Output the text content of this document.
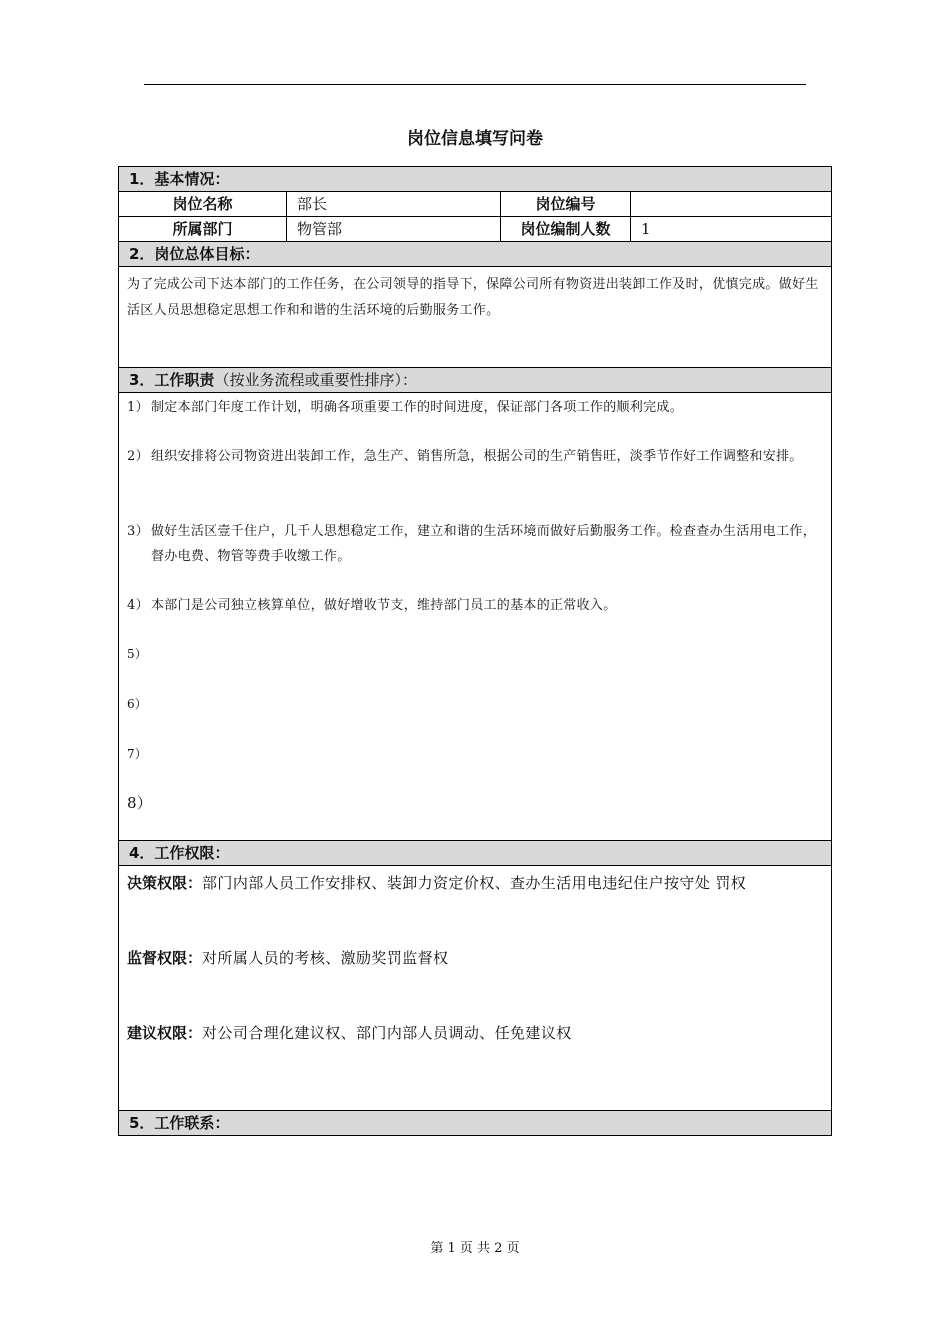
岗位信息填写问卷
1．基本情况：
岗位名称	部长	岗位编号
所属部门	物管部	岗位编制人数	1
2．岗位总体目标：
为了完成公司下达本部门的工作任务，在公司领导的指导下，保障公司所有物资进出装卸工作及时，优慎完成。做好生活区人员思想稳定思想工作和和谐的生活环境的后勤服务工作。
3．工作职责（按业务流程或重要性排序）：
1） 制定本部门年度工作计划，明确各项重要工作的时间进度，保证部门各项工作的顺利完成。
2） 组织安排将公司物资进出装卸工作，急生产、销售所急，根据公司的生产销售旺，淡季节作好工作调整和安排。
3） 做好生活区壹千住户，几千人思想稳定工作，建立和谐的生活环境而做好后勤服务工作。检查查办生活用电工作，督办电费、物管等费手收缴工作。
4） 本部门是公司独立核算单位，做好增收节支，维持部门员工的基本的正常收入。
5）
6）
7）
8）
4．工作权限：
决策权限： 部门内部人员工作安排权、装卸力资定价权、查办生活用电违纪住户按守处 罚权
监督权限： 对所属人员的考核、激励奖罚监督权
建议权限： 对公司合理化建议权、部门内部人员调动、任免建议权
5．工作联系：
第 1 页 共 2 页
